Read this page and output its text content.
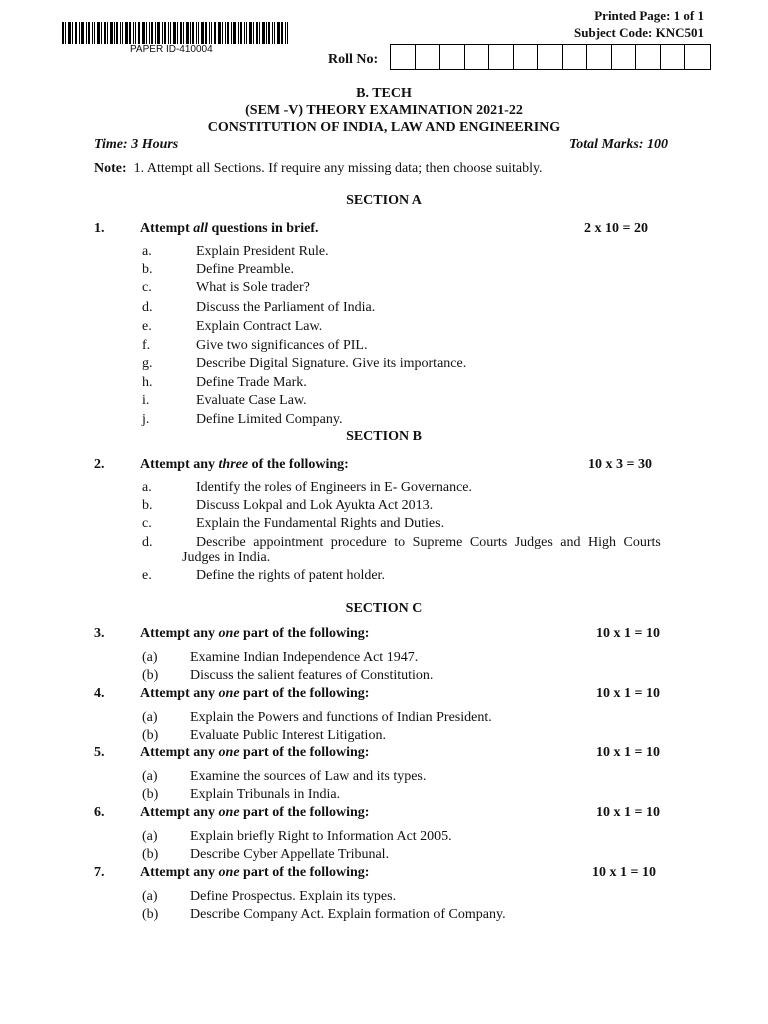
PAPER ID-410004
Printed Page: 1 of 1
Subject Code: KNC501
Roll No:
B. TECH
(SEM -V) THEORY EXAMINATION 2021-22
CONSTITUTION OF INDIA, LAW AND ENGINEERING
Time: 3 Hours	Total Marks: 100
Note: 1. Attempt all Sections. If require any missing data; then choose suitably.
SECTION A
1.	Attempt all questions in brief.	2 x 10 = 20
a.	Explain President Rule.
b.	Define Preamble.
c.	What is Sole trader?
d.	Discuss the Parliament of India.
e.	Explain Contract Law.
f.	Give two significances of PIL.
g.	Describe Digital Signature. Give its importance.
h.	Define Trade Mark.
i.	Evaluate Case Law.
j.	Define Limited Company.
SECTION B
2.	Attempt any three of the following:	10 x 3 = 30
a.	Identify the roles of Engineers in E- Governance.
b.	Discuss Lokpal and Lok Ayukta Act 2013.
c.	Explain the Fundamental Rights and Duties.
d.	Describe appointment procedure to Supreme Courts Judges and High Courts
e.	Define the rights of patent holder.
Judges in India.
SECTION C
3.	Attempt any one part of the following:	10 x 1 = 10
(a) Examine Indian Independence Act 1947.
(b) Discuss the salient features of Constitution.
4.	Attempt any one part of the following:	10 x 1 = 10
(a) Explain the Powers and functions of Indian President.
(b) Evaluate Public Interest Litigation.
5.	Attempt any one part of the following:	10 x 1 = 10
(a) Examine the sources of Law and its types.
(b) Explain Tribunals in India.
6.	Attempt any one part of the following:	10 x 1 = 10
(a) Explain briefly Right to Information Act 2005.
(b) Describe Cyber Appellate Tribunal.
7.	Attempt any one part of the following:	10 x 1 = 10
(a) Define Prospectus. Explain its types.
(b) Describe Company Act. Explain formation of Company.
